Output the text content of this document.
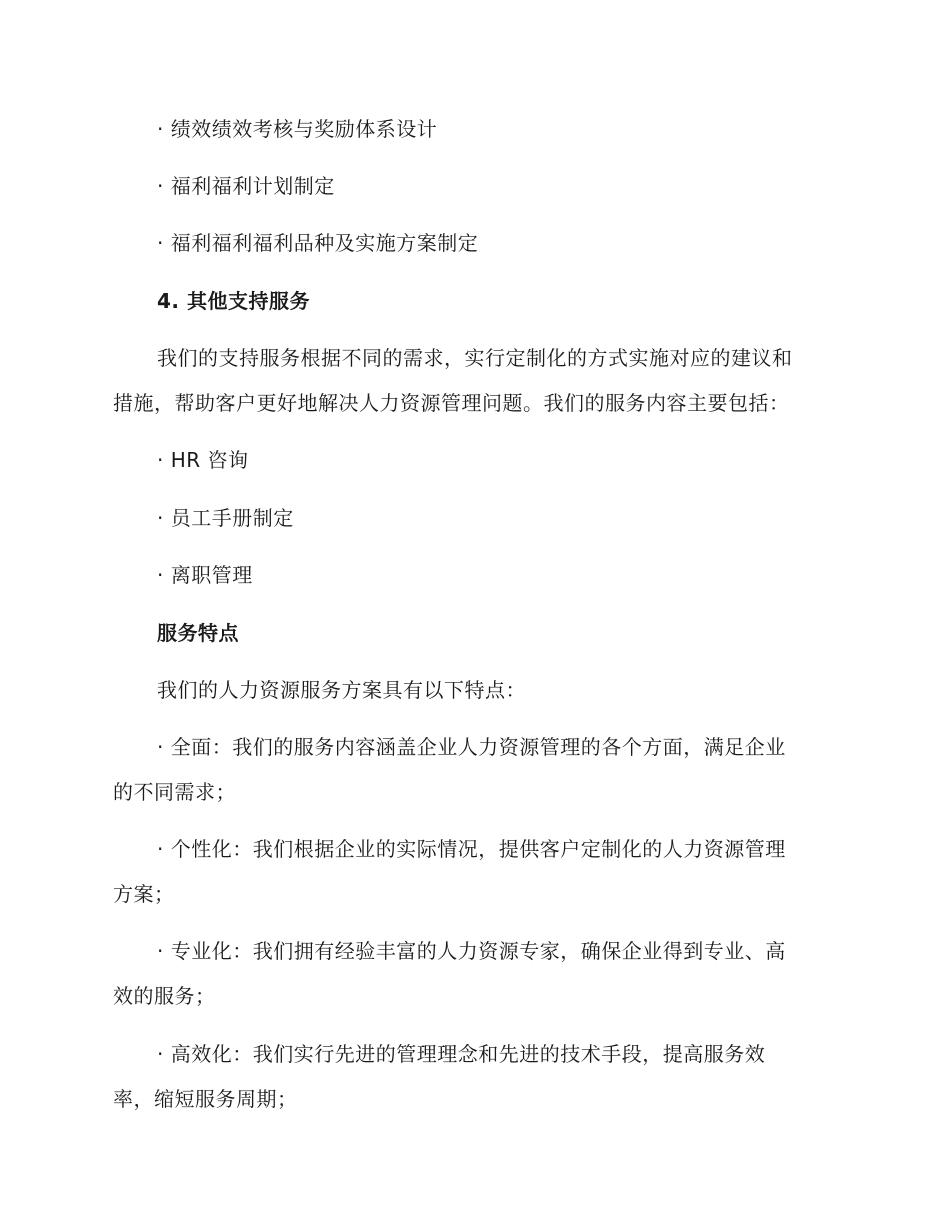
· 绩效绩效考核与奖励体系设计
· 福利福利计划制定
· 福利福利福利品种及实施方案制定
4. 其他支持服务
我们的支持服务根据不同的需求，实行定制化的方式实施对应的建议和
措施，帮助客户更好地解决人力资源管理问题。我们的服务内容主要包括：
· HR 咨询
· 员工手册制定
· 离职管理
服务特点
我们的人力资源服务方案具有以下特点：
· 全面：我们的服务内容涵盖企业人力资源管理的各个方面，满足企业
的不同需求；
· 个性化：我们根据企业的实际情况，提供客户定制化的人力资源管理
方案；
· 专业化：我们拥有经验丰富的人力资源专家，确保企业得到专业、高
效的服务；
· 高效化：我们实行先进的管理理念和先进的技术手段，提高服务效
率，缩短服务周期；
